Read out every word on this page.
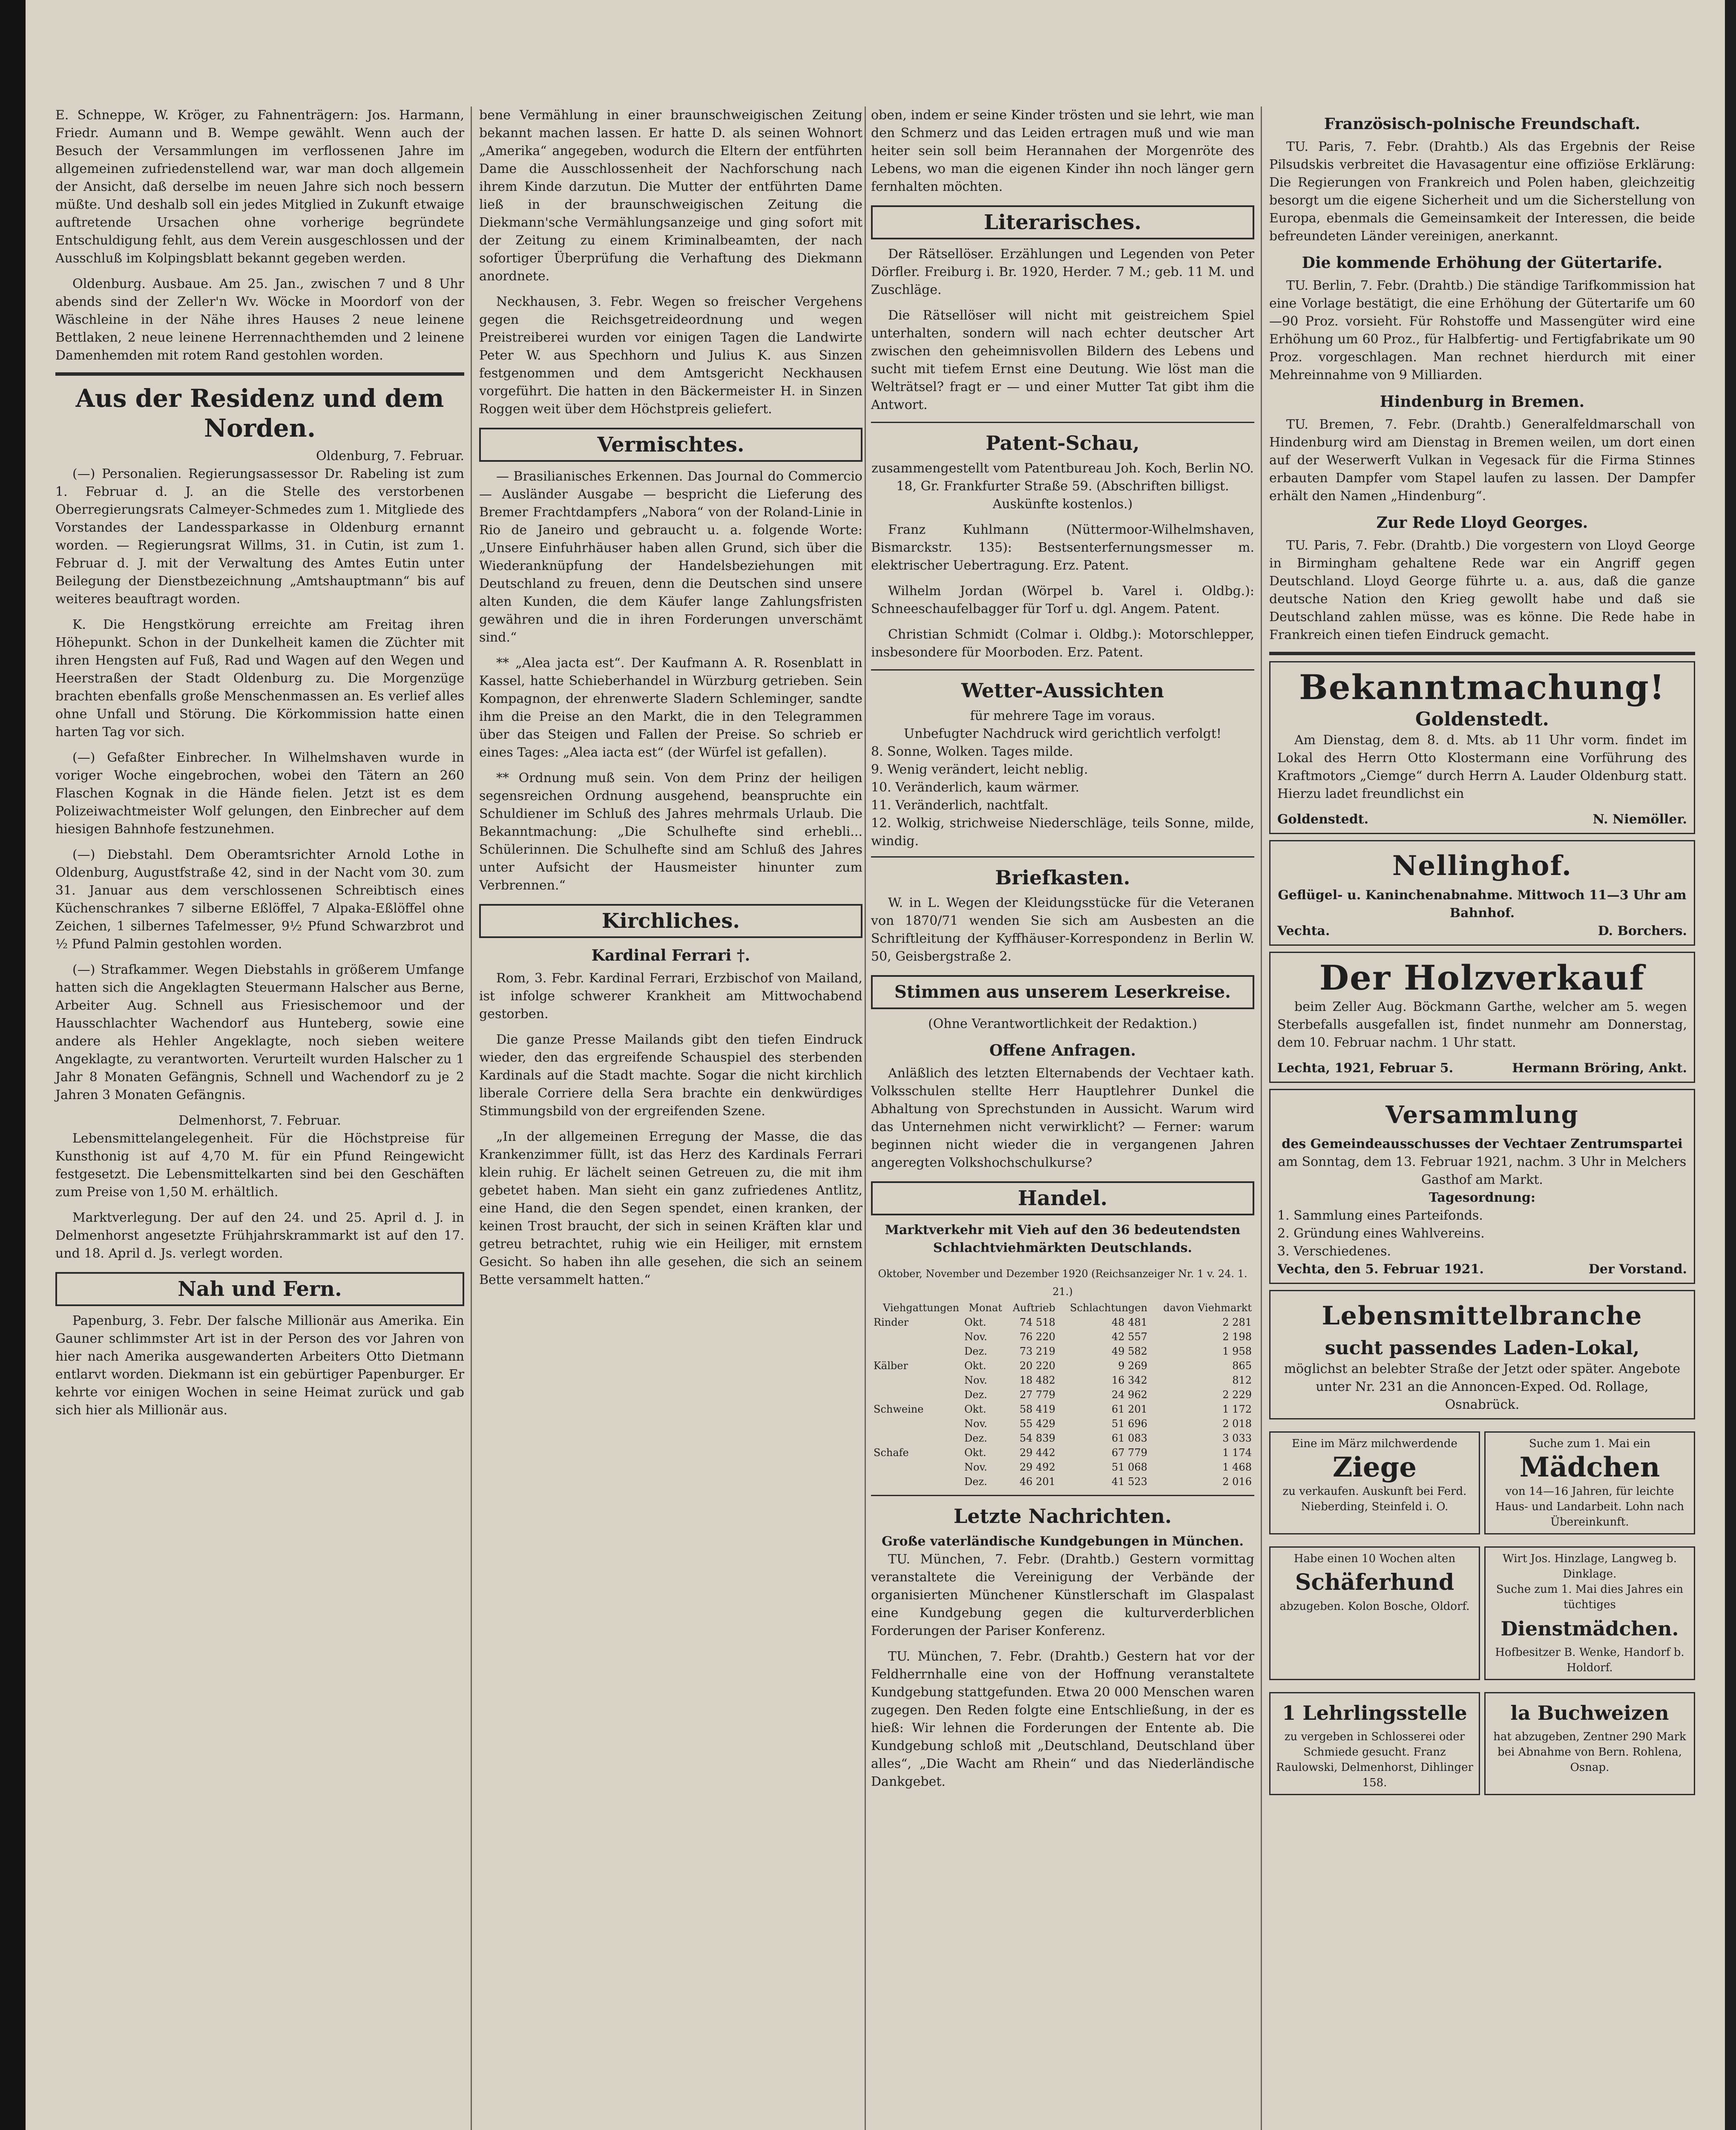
E. Schneppe, W. Kröger, zu Fahnenträgern: Jos. Harmann, Friedr. Aumann und B. Wempe gewählt. Wenn auch der Besuch der Versammlungen im verflossenen Jahre im allgemeinen zufriedenstellend war, war man doch allgemein der Ansicht, daß derselbe im neuen Jahre sich noch bessern müßte. Und deshalb soll ein jedes Mitglied in Zukunft etwaige auftretende Ursachen ohne vorherige begründete Entschuldigung fehlt, aus dem Verein ausgeschlossen und der Ausschluß im Kolpingsblatt bekannt gegeben werden.

Oldenburg. Ausbaue. Am 25. Jan., zwischen 7 und 8 Uhr abends sind der Zeller'n Wv. Wöcke in Moordorf von der Wäschleine in der Nähe ihres Hauses 2 neue leinene Bettlaken, 2 neue leinene Herrennachthemden und 2 leinene Damenhemden mit rotem Rand gestohlen worden.

Aus der Residenz und dem Norden.
Oldenburg, 7. Februar.

(—) Personalien. Regierungsassessor Dr. Rabeling ist zum 1. Februar d. J. an die Stelle des verstorbenen Oberregierungsrats Calmeyer-Schmedes zum 1. Mitgliede des Vorstandes der Landessparkasse in Oldenburg ernannt worden. — Regierungsrat Willms, 31. in Cutin, ist zum 1. Februar d. J. mit der Verwaltung des Amtes Eutin unter Beilegung der Dienstbezeichnung „Amtshauptmann“ bis auf weiteres beauftragt worden.

K. Die Hengstkörung erreichte am Freitag ihren Höhepunkt. Schon in der Dunkelheit kamen die Züchter mit ihren Hengsten auf Fuß, Rad und Wagen auf den Wegen und Heerstraßen der Stadt Oldenburg zu. Die Morgenzüge brachten ebenfalls große Menschenmassen an. Es verlief alles ohne Unfall und Störung. Die Körkommission hatte einen harten Tag vor sich.

(—) Gefaßter Einbrecher. In Wilhelmshaven wurde in voriger Woche eingebrochen, wobei den Tätern an 260 Flaschen Kognak in die Hände fielen. Jetzt ist es dem Polizeiwachtmeister Wolf gelungen, den Einbrecher auf dem hiesigen Bahnhofe festzunehmen.

(—) Diebstahl. Dem Oberamtsrichter Arnold Lothe in Oldenburg, Augustfstraße 42, sind in der Nacht vom 30. zum 31. Januar aus dem verschlossenen Schreibtisch eines Küchenschrankes 7 silberne Eßlöffel, 7 Alpaka-Eßlöffel ohne Zeichen, 1 silbernes Tafelmesser, 9½ Pfund Schwarzbrot und ½ Pfund Palmin gestohlen worden.

(—) Strafkammer. Wegen Diebstahls in größerem Umfange hatten sich die Angeklagten Steuermann Halscher aus Berne, Arbeiter Aug. Schnell aus Friesischemoor und der Hausschlachter Wachendorf aus Hunteberg, sowie eine andere als Hehler Angeklagte, noch sieben weitere Angeklagte, zu verantworten. Verurteilt wurden Halscher zu 1 Jahr 8 Monaten Gefängnis, Schnell und Wachendorf zu je 2 Jahren 3 Monaten Gefängnis.

Delmenhorst, 7. Februar.

Lebensmittelangelegenheit. Für die Höchstpreise für Kunsthonig ist auf 4,70 M. für ein Pfund Reingewicht festgesetzt. Die Lebensmittelkarten sind bei den Geschäften zum Preise von 1,50 M. erhältlich.

Marktverlegung. Der auf den 24. und 25. April d. J. in Delmenhorst angesetzte Frühjahrskrammarkt ist auf den 17. und 18. April d. Js. verlegt worden.

Nah und Fern.

Papenburg, 3. Febr. Der falsche Millionär aus Amerika. Ein Gauner schlimmster Art ist in der Person des vor Jahren von hier nach Amerika ausgewanderten Arbeiters Otto Dietmann entlarvt worden. Diekmann ist ein gebürtiger Papenburger. Er kehrte vor einigen Wochen in seine Heimat zurück und gab sich hier als Millionär aus.

bene Vermählung in einer braunschweigischen Zeitung bekannt machen lassen. Er hatte D. als seinen Wohnort „Amerika“ angegeben, wodurch die Eltern der entführten Dame die Ausschlossenheit der Nachforschung nach ihrem Kinde darzutun. Die Mutter der entführten Dame ließ in der braunschweigischen Zeitung die Diekmann'sche Vermählungsanzeige und ging sofort mit der Zeitung zu einem Kriminalbeamten, der nach sofortiger Überprüfung die Verhaftung des Diekmann anordnete.

Neckhausen, 3. Febr. Wegen so freischer Vergehens gegen die Reichsgetreideordnung und wegen Preistreiberei wurden vor einigen Tagen die Landwirte Peter W. aus Spechhorn und Julius K. aus Sinzen festgenommen und dem Amtsgericht Neckhausen vorgeführt. Die hatten in den Bäckermeister H. in Sinzen Roggen weit über dem Höchstpreis geliefert.

Vermischtes.

— Brasilianisches Erkennen. Das Journal do Commercio — Ausländer Ausgabe — bespricht die Lieferung des Bremer Frachtdampfers „Nabora“ von der Roland-Linie in Rio de Janeiro und gebraucht u. a. folgende Worte: „Unsere Einfuhrhäuser haben allen Grund, sich über die Wiederanknüpfung der Handelsbeziehungen mit Deutschland zu freuen, denn die Deutschen sind unsere alten Kunden, die dem Käufer lange Zahlungsfristen gewähren und die in ihren Forderungen unverschämt sind.“

** „Alea jacta est“. Der Kaufmann A. R. Rosenblatt in Kassel, hatte Schieberhandel in Würzburg getrieben. Sein Kompagnon, der ehrenwerte Sladern Schleminger, sandte ihm die Preise an den Markt, die in den Telegrammen über das Steigen und Fallen der Preise. So schrieb er eines Tages: „Alea iacta est“ (der Würfel ist gefallen).

** Ordnung muß sein. Von dem Prinz der heiligen segensreichen Ordnung ausgehend, beanspruchte ein Schuldiener im Schluß des Jahres mehrmals Urlaub. Die Bekanntmachung: „Die Schulhefte sind erhebli... Schülerinnen. Die Schulhefte sind am Schluß des Jahres unter Aufsicht der Hausmeister hinunter zum Verbrennen.“

Kirchliches.
Kardinal Ferrari †.

Rom, 3. Febr. Kardinal Ferrari, Erzbischof von Mailand, ist infolge schwerer Krankheit am Mittwochabend gestorben.

Die ganze Presse Mailands gibt den tiefen Eindruck wieder, den das ergreifende Schauspiel des sterbenden Kardinals auf die Stadt machte. Sogar die nicht kirchlich liberale Corriere della Sera brachte ein denkwürdiges Stimmungsbild von der ergreifenden Szene.

„In der allgemeinen Erregung der Masse, die das Krankenzimmer füllt, ist das Herz des Kardinals Ferrari klein ruhig. Er lächelt seinen Getreuen zu, die mit ihm gebetet haben. Man sieht ein ganz zufriedenes Antlitz, eine Hand, die den Segen spendet, einen kranken, der keinen Trost braucht, der sich in seinen Kräften klar und getreu betrachtet, ruhig wie ein Heiliger, mit ernstem Gesicht. So haben ihn alle gesehen, die sich an seinem Bette versammelt hatten.“

oben, indem er seine Kinder trösten und sie lehrt, wie man den Schmerz und das Leiden ertragen muß und wie man heiter sein soll beim Herannahen der Morgenröte des Lebens, wo man die eigenen Kinder ihn noch länger gern fernhalten möchten.

Literarisches.

Der Rätsellöser. Erzählungen und Legenden von Peter Dörfler. Freiburg i. Br. 1920, Herder. 7 M.; geb. 11 M. und Zuschläge.

Die Rätsellöser will nicht mit geistreichem Spiel unterhalten, sondern will nach echter deutscher Art zwischen den geheimnisvollen Bildern des Lebens und sucht mit tiefem Ernst eine Deutung. Wie löst man die Welträtsel? fragt er — und einer Mutter Tat gibt ihm die Antwort.

Patent-Schau,

zusammengestellt vom Patentbureau Joh. Koch, Berlin NO. 18, Gr. Frankfurter Straße 59. (Abschriften billigst. Auskünfte kostenlos.)

Franz Kuhlmann (Nüttermoor-Wilhelmshaven, Bismarckstr. 135): Bestsenterfernungsmesser m. elektrischer Uebertragung. Erz. Patent.

Wilhelm Jordan (Wörpel b. Varel i. Oldbg.): Schneeschaufelbagger für Torf u. dgl. Angem. Patent.

Christian Schmidt (Colmar i. Oldbg.): Motorschlepper, insbesondere für Moorboden. Erz. Patent.

Wetter-Aussichten
für mehrere Tage im voraus.
Unbefugter Nachdruck wird gerichtlich verfolgt!
8. Sonne, Wolken. Tages milde.
9. Wenig verändert, leicht neblig.
10. Veränderlich, kaum wärmer.
11. Veränderlich, nachtfalt.
12. Wolkig, strichweise Niederschläge, teils Sonne, milde, windig.
Briefkasten.

W. in L. Wegen der Kleidungsstücke für die Veteranen von 1870/71 wenden Sie sich am Ausbesten an die Schriftleitung der Kyffhäuser-Korrespondenz in Berlin W. 50, Geisbergstraße 2.

Stimmen aus unserem Leserkreise.
(Ohne Verantwortlichkeit der Redaktion.)
Offene Anfragen.

Anläßlich des letzten Elternabends der Vechtaer kath. Volksschulen stellte Herr Hauptlehrer Dunkel die Abhaltung von Sprechstunden in Aussicht. Warum wird das Unternehmen nicht verwirklicht? — Ferner: warum beginnen nicht wieder die in vergangenen Jahren angeregten Volkshochschulkurse?

Handel.

Marktverkehr mit Vieh auf den 36 bedeutendsten Schlachtviehmärkten Deutschlands.

Oktober, November und Dezember 1920 (Reichsanzeiger Nr. 1 v. 24. 1. 21.)
Viehgattungen	Monat	Auftrieb	Schlachtungen	davon Viehmarkt
Rinder	Okt.	74 518	48 481	2 281
	Nov.	76 220	42 557	2 198
	Dez.	73 219	49 582	1 958
Kälber	Okt.	20 220	9 269	865
	Nov.	18 482	16 342	812
	Dez.	27 779	24 962	2 229
Schweine	Okt.	58 419	61 201	1 172
	Nov.	55 429	51 696	2 018
	Dez.	54 839	61 083	3 033
Schafe	Okt.	29 442	67 779	1 174
	Nov.	29 492	51 068	1 468
	Dez.	46 201	41 523	2 016
Letzte Nachrichten.
Große vaterländische Kundgebungen in München.

TU. München, 7. Febr. (Drahtb.) Gestern vormittag veranstaltete die Vereinigung der Verbände der organisierten Münchener Künstlerschaft im Glaspalast eine Kundgebung gegen die kulturverderblichen Forderungen der Pariser Konferenz.

TU. München, 7. Febr. (Drahtb.) Gestern hat vor der Feldherrnhalle eine von der Hoffnung veranstaltete Kundgebung stattgefunden. Etwa 20 000 Menschen waren zugegen. Den Reden folgte eine Entschließung, in der es hieß: Wir lehnen die Forderungen der Entente ab. Die Kundgebung schloß mit „Deutschland, Deutschland über alles“, „Die Wacht am Rhein“ und das Niederländische Dankgebet.

Französisch-polnische Freundschaft.

TU. Paris, 7. Febr. (Drahtb.) Als das Ergebnis der Reise Pilsudskis verbreitet die Havasagentur eine offiziöse Erklärung: Die Regierungen von Frankreich und Polen haben, gleichzeitig besorgt um die eigene Sicherheit und um die Sicherstellung von Europa, ebenmals die Gemeinsamkeit der Interessen, die beide befreundeten Länder vereinigen, anerkannt.

Die kommende Erhöhung der Gütertarife.

TU. Berlin, 7. Febr. (Drahtb.) Die ständige Tarifkommission hat eine Vorlage bestätigt, die eine Erhöhung der Gütertarife um 60—90 Proz. vorsieht. Für Rohstoffe und Massengüter wird eine Erhöhung um 60 Proz., für Halbfertig- und Fertigfabrikate um 90 Proz. vorgeschlagen. Man rechnet hierdurch mit einer Mehreinnahme von 9 Milliarden.

Hindenburg in Bremen.

TU. Bremen, 7. Febr. (Drahtb.) Generalfeldmarschall von Hindenburg wird am Dienstag in Bremen weilen, um dort einen auf der Weserwerft Vulkan in Vegesack für die Firma Stinnes erbauten Dampfer vom Stapel laufen zu lassen. Der Dampfer erhält den Namen „Hindenburg“.

Zur Rede Lloyd Georges.

TU. Paris, 7. Febr. (Drahtb.) Die vorgestern von Lloyd George in Birmingham gehaltene Rede war ein Angriff gegen Deutschland. Lloyd George führte u. a. aus, daß die ganze deutsche Nation den Krieg gewollt habe und daß sie Deutschland zahlen müsse, was es könne. Die Rede habe in Frankreich einen tiefen Eindruck gemacht.

Bekanntmachung!
Goldenstedt.

Am Dienstag, dem 8. d. Mts. ab 11 Uhr vorm. findet im Lokal des Herrn Otto Klostermann eine Vorführung des Kraftmotors „Ciemge“ durch Herrn A. Lauder Oldenburg statt. Hierzu ladet freundlichst ein

Goldenstedt.	N. Niemöller.
Nellinghof.
Geflügel- u. Kaninchenabnahme. Mittwoch 11—3 Uhr am Bahnhof.
Vechta.	D. Borchers.
Der Holzverkauf

beim Zeller Aug. Böckmann Garthe, welcher am 5. wegen Sterbefalls ausgefallen ist, findet nunmehr am Donnerstag, dem 10. Februar nachm. 1 Uhr statt.

Lechta, 1921, Februar 5.	Hermann Bröring, Ankt.
Versammlung
des Gemeindeausschusses der Vechtaer Zentrumspartei
am Sonntag, dem 13. Februar 1921, nachm. 3 Uhr in Melchers Gasthof am Markt.
Tagesordnung:
1. Sammlung eines Parteifonds.
2. Gründung eines Wahlvereins.
3. Verschiedenes.
Vechta, den 5. Februar 1921.	Der Vorstand.
Lebensmittelbranche
sucht passendes Laden-Lokal,
möglichst an belebter Straße der Jetzt oder später. Angebote unter Nr. 231 an die Annoncen-Exped. Od. Rollage, Osnabrück.
Eine im März milchwerdende
Ziege
zu verkaufen. Auskunft bei Ferd. Nieberding, Steinfeld i. O.
Suche zum 1. Mai ein
Mädchen
von 14—16 Jahren, für leichte Haus- und Landarbeit. Lohn nach Übereinkunft.
Habe einen 10 Wochen alten
Schäferhund
abzugeben. Kolon Bosche, Oldorf.
Wirt Jos. Hinzlage, Langweg b. Dinklage.
Suche zum 1. Mai dies Jahres ein tüchtiges
Dienstmädchen.
Hofbesitzer B. Wenke, Handorf b. Holdorf.
1 Lehrlingsstelle
zu vergeben in Schlosserei oder Schmiede gesucht. Franz Raulowski, Delmenhorst, Dihlinger 158.
la Buchweizen
hat abzugeben, Zentner 290 Mark bei Abnahme von Bern. Rohlena, Osnap.
